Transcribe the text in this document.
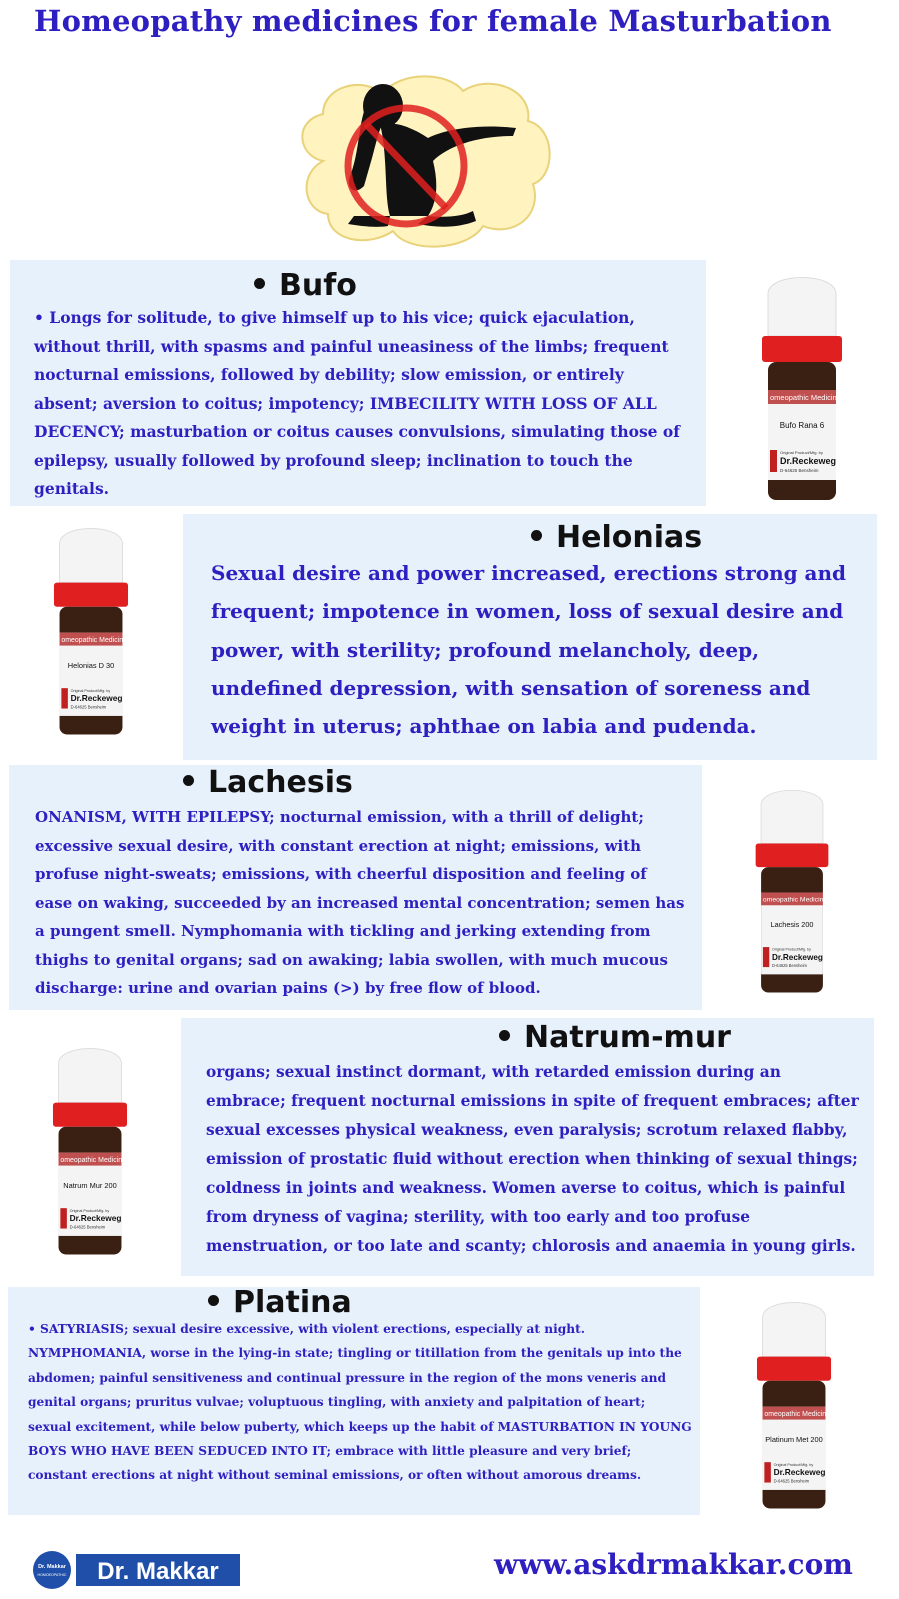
Homeopathy medicines for female Masturbation
Bufo
• Longs for solitude, to give himself up to his vice; quick ejaculation, without thrill, with spasms and painful uneasiness of the limbs; frequent nocturnal emissions, followed by debility; slow emission, or entirely absent; aversion to coitus; impotency; IMBECILITY WITH LOSS OF ALL DECENCY; masturbation or coitus causes convulsions, simulating those of epilepsy, usually followed by profound sleep; inclination to touch the genitals.
omeopathic Medicine
Bufo Rana 6
Original Product/Mfg. by
Dr.Reckeweg
D-64625 Bensheim
omeopathic Medicine
Helonias D 30
Original Product/Mfg. by
Dr.Reckeweg
D-64625 Bensheim
Helonias
Sexual desire and power increased, erections strong and frequent; impotence in women, loss of sexual desire and power, with sterility; profound melancholy, deep, undefined depression, with sensation of soreness and weight in uterus; aphthae on labia and pudenda.
Lachesis
ONANISM, WITH EPILEPSY; nocturnal emission, with a thrill of delight; excessive sexual desire, with constant erection at night; emissions, with profuse night-sweats; emissions, with cheerful disposition and feeling of ease on waking, succeeded by an increased mental concentration; semen has a pungent smell. Nymphomania with tickling and jerking extending from thighs to genital organs; sad on awaking; labia swollen, with much mucous discharge: urine and ovarian pains (>) by free flow of blood.
omeopathic Medicine
Lachesis 200
Original Product/Mfg. by
Dr.Reckeweg
D-64625 Bensheim
omeopathic Medicine
Natrum Mur 200
Original Product/Mfg. by
Dr.Reckeweg
D-64625 Bensheim
Natrum-mur
organs; sexual instinct dormant, with retarded emission during an embrace; frequent nocturnal emissions in spite of frequent embraces; after sexual excesses physical weakness, even paralysis; scrotum relaxed flabby, emission of prostatic fluid without erection when thinking of sexual things; coldness in joints and weakness. Women averse to coitus, which is painful from dryness of vagina; sterility, with too early and too profuse menstruation, or too late and scanty; chlorosis and anaemia in young girls.
Platina
• SATYRIASIS; sexual desire excessive, with violent erections, especially at night. NYMPHOMANIA, worse in the lying-in state; tingling or titillation from the genitals up into the abdomen; painful sensitiveness and continual pressure in the region of the mons veneris and genital organs; pruritus vulvae; voluptuous tingling, with anxiety and palpitation of heart; sexual excitement, while below puberty, which keeps up the habit of MASTURBATION IN YOUNG BOYS WHO HAVE BEEN SEDUCED INTO IT; embrace with little pleasure and very brief; constant erections at night without seminal emissions, or often without amorous dreams.
omeopathic Medicine
Platinum Met 200
Original Product/Mfg. by
Dr.Reckeweg
D-64625 Bensheim
Dr. Makkar
HOMOEOPATHIC Dr. Makkar	www.askdrmakkar.com
